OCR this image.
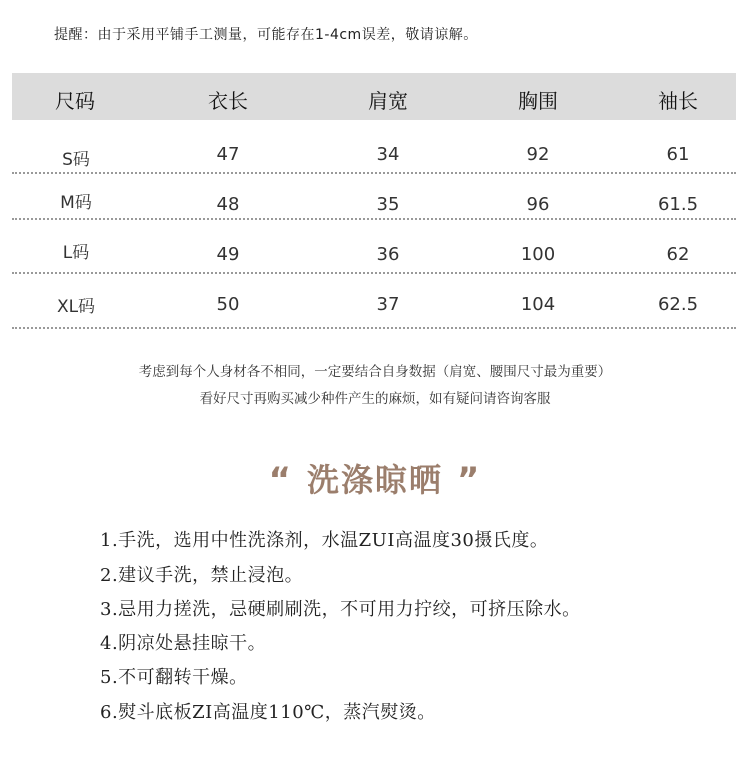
提醒：由于采用平铺手工测量，可能存在1-4cm误差，敬请谅解。
尺码	衣长	肩宽	胸围	袖长
S码	47	34	92	61
M码	48	35	96	61.5
L码	49	36	100	62
XL码	50	37	104	62.5
考虑到每个人身材各不相同，一定要结合自身数据（肩宽、腰围尺寸最为重要）
看好尺寸再购买减少种件产生的麻烦，如有疑问请咨询客服
“ 洗涤晾晒 ”
1.手洗，选用中性洗涤剂，水温ZUI高温度30摄氏度。
2.建议手洗，禁止浸泡。
3.忌用力搓洗，忌硬刷刷洗，不可用力拧绞，可挤压除水。
4.阴凉处悬挂晾干。
5.不可翻转干燥。
6.熨斗底板ZI高温度110℃，蒸汽熨烫。
